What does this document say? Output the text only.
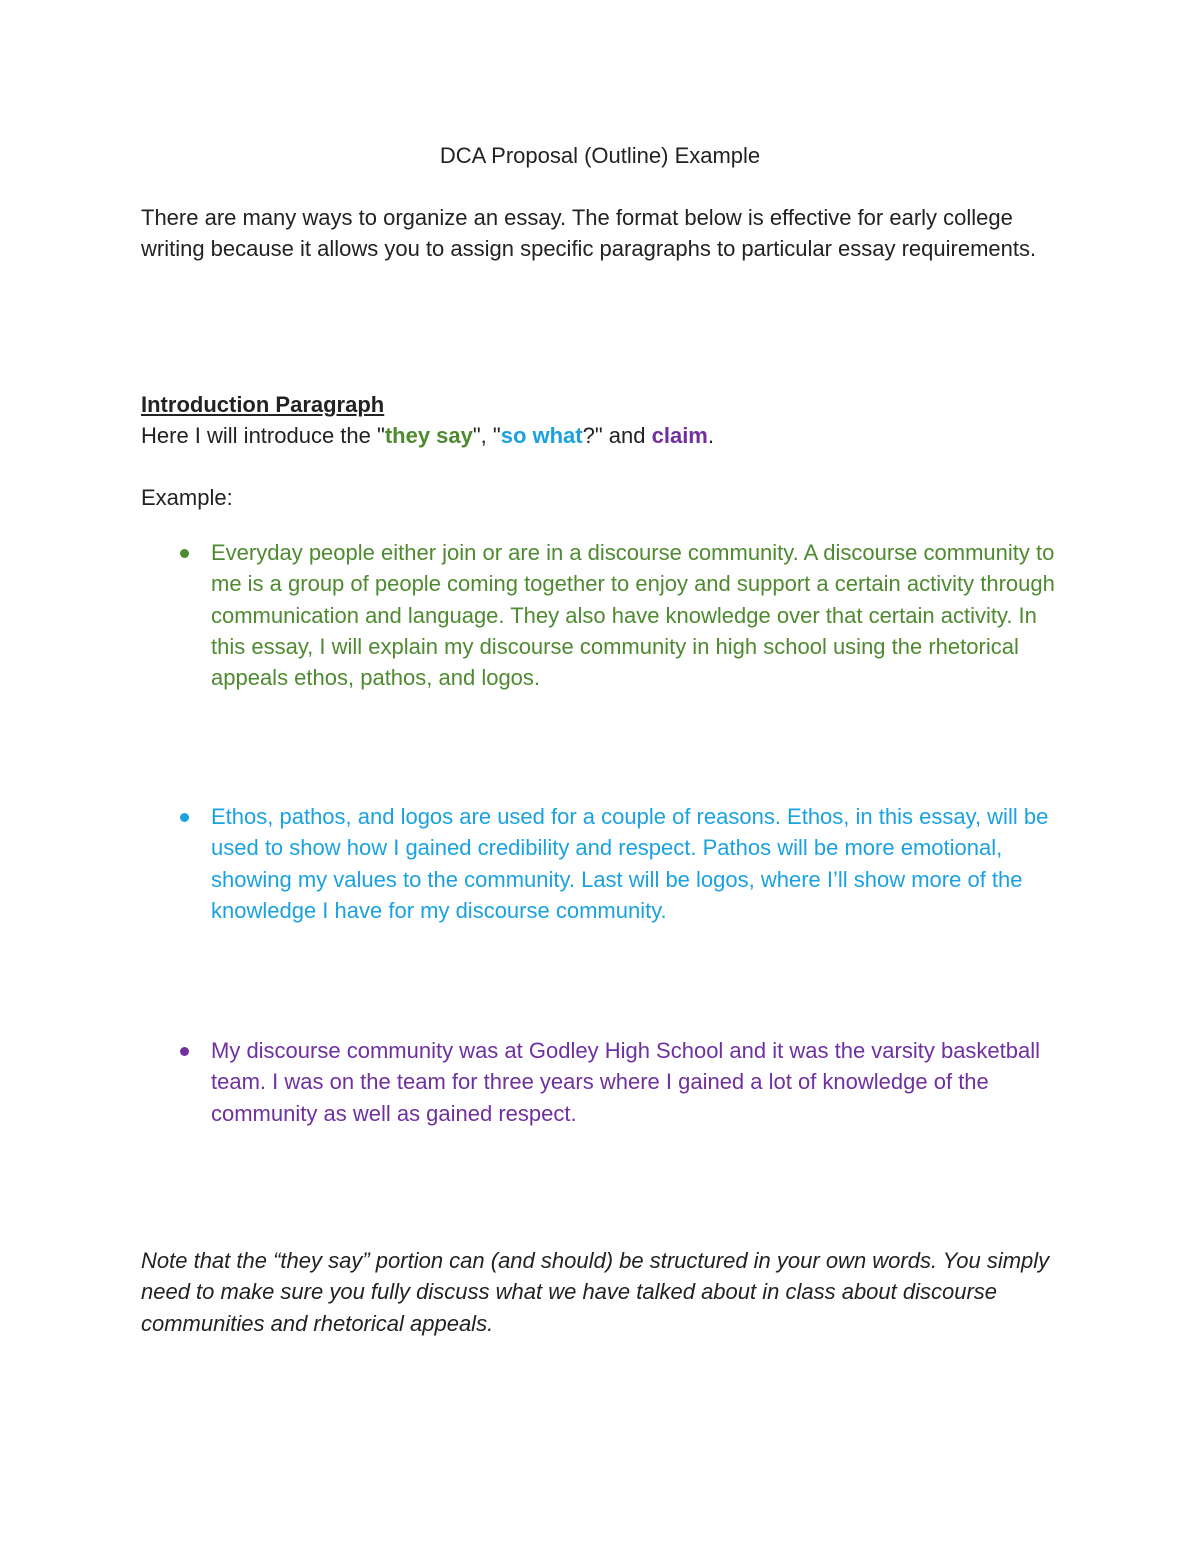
DCA Proposal (Outline) Example

There are many ways to organize an essay. The format below is effective for early college writing because it allows you to assign specific paragraphs to particular essay requirements.

Introduction Paragraph

Here I will introduce the "they say", "so what?" and claim.

Example:

Everyday people either join or are in a discourse community. A discourse community to me is a group of people coming together to enjoy and support a certain activity through communication and language. They also have knowledge over that certain activity. In this essay, I will explain my discourse community in high school using the rhetorical appeals ethos, pathos, and logos.
Ethos, pathos, and logos are used for a couple of reasons. Ethos, in this essay, will be used to show how I gained credibility and respect. Pathos will be more emotional, showing my values to the community. Last will be logos, where I’ll show more of the knowledge I have for my discourse community.
My discourse community was at Godley High School and it was the varsity basketball team. I was on the team for three years where I gained a lot of knowledge of the community as well as gained respect.

Note that the “they say” portion can (and should) be structured in your own words. You simply need to make sure you fully discuss what we have talked about in class about discourse communities and rhetorical appeals.
